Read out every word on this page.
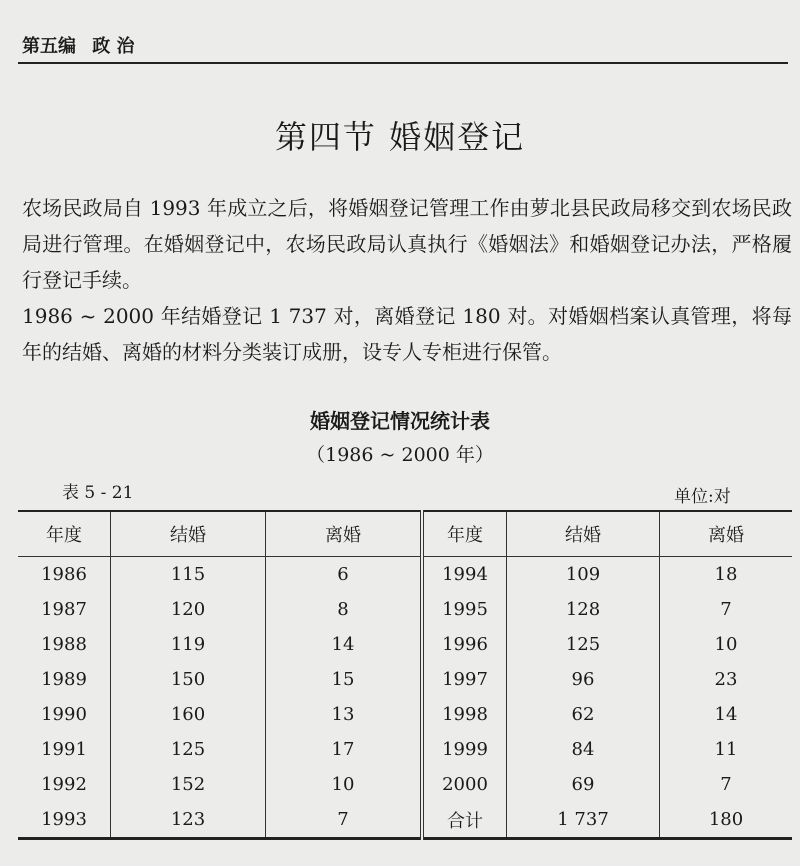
第五编 政 治
第四节 婚姻登记
农场民政局自 1993 年成立之后，将婚姻登记管理工作由萝北县民政局移交到农场民政局进行管理。在婚姻登记中，农场民政局认真执行《婚姻法》和婚姻登记办法，严格履行登记手续。
1986 ~ 2000 年结婚登记 1 737 对，离婚登记 180 对。对婚姻档案认真管理，将每年的结婚、离婚的材料分类装订成册，设专人专柜进行保管。
婚姻登记情况统计表
（1986 ~ 2000 年）
表 5 - 21	单位:对
年度	结婚	离婚	年度	结婚	离婚
1986	115	6	1994	109	18
1987	120	8	1995	128	7
1988	119	14	1996	125	10
1989	150	15	1997	96	23
1990	160	13	1998	62	14
1991	125	17	1999	84	11
1992	152	10	2000	69	7
1993	123	7	合计	1 737	180
